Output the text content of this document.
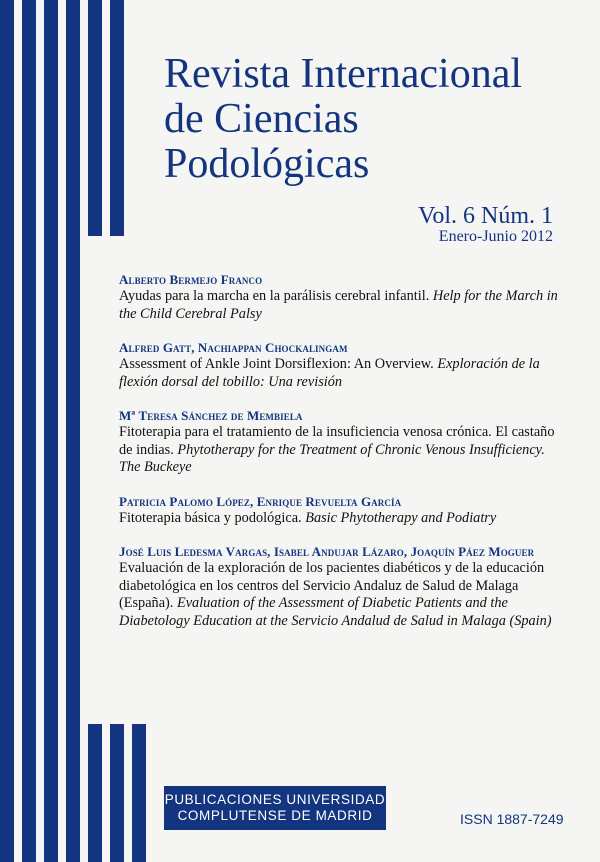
Revista Internacional
de Ciencias
Podológicas
Vol. 6 Núm. 1
Enero-Junio 2012
Alberto Bermejo Franco
Ayudas para la marcha en la parálisis cerebral infantil. Help for the March in the Child Cerebral Palsy
Alfred Gatt, Nachiappan Chockalingam
Assessment of Ankle Joint Dorsiflexion: An Overview. Exploración de la flexión dorsal del tobillo: Una revisión
Mª Teresa Sánchez de Membiela
Fitoterapia para el tratamiento de la insuficiencia venosa crónica. El castaño de indias. Phytotherapy for the Treatment of Chronic Venous Insufficiency. The Buckeye
Patricia Palomo López, Enrique Revuelta García
Fitoterapia básica y podológica. Basic Phytotherapy and Podiatry
José Luis Ledesma Vargas, Isabel Andujar Lázaro, Joaquín Páez Moguer
Evaluación de la exploración de los pacientes diabéticos y de la educación diabetológica en los centros del Servicio Andaluz de Salud de Malaga (España). Evaluation of the Assessment of Diabetic Patients and the Diabetology Education at the Servicio Andalud de Salud in Malaga (Spain)
PUBLICACIONES UNIVERSIDAD
COMPLUTENSE DE MADRID	ISSN 1887-7249
